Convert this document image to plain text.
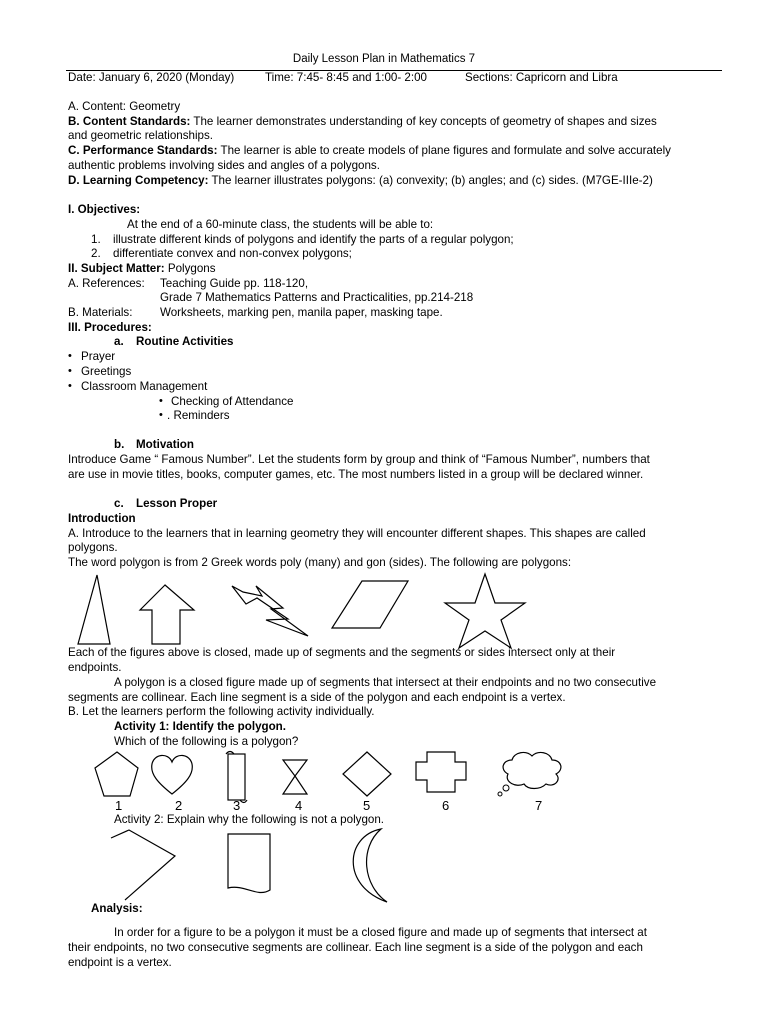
Daily Lesson Plan in Mathematics 7
Date: January 6, 2020 (Monday)	Time: 7:45- 8:45 and 1:00- 2:00	Sections: Capricorn and Libra
A. Content: Geometry
B. Content Standards: The learner demonstrates understanding of key concepts of geometry of shapes and sizes
and geometric relationships.
C. Performance Standards: The learner is able to create models of plane figures and formulate and solve accurately
authentic problems involving sides and angles of a polygons.
D. Learning Competency: The learner illustrates polygons: (a) convexity; (b) angles; and (c) sides. (M7GE-IIIe-2)
I. Objectives:
At the end of a 60-minute class, the students will be able to:
1. illustrate different kinds of polygons and identify the parts of a regular polygon;
2. differentiate convex and non-convex polygons;
II. Subject Matter: Polygons
A. References: Teaching Guide pp. 118-120,
Grade 7 Mathematics Patterns and Practicalities, pp.214-218
B. Materials: Worksheets, marking pen, manila paper, masking tape.
III. Procedures:
a. Routine Activities
• Prayer
• Greetings
• Classroom Management
• Checking of Attendance
• . Reminders
b. Motivation
Introduce Game “ Famous Number”. Let the students form by group and think of “Famous Number”, numbers that
are use in movie titles, books, computer games, etc. The most numbers listed in a group will be declared winner.
c. Lesson Proper
Introduction
A. Introduce to the learners that in learning geometry they will encounter different shapes. This shapes are called
polygons.
The word polygon is from 2 Greek words poly (many) and gon (sides). The following are polygons:
Each of the figures above is closed, made up of segments and the segments or sides intersect only at their
endpoints.
A polygon is a closed figure made up of segments that intersect at their endpoints and no two consecutive
segments are collinear. Each line segment is a side of the polygon and each endpoint is a vertex.
B. Let the learners perform the following activity individually.
Activity 1: Identify the polygon.
Which of the following is a polygon?
1	2	3	4	5	6	7
Activity 2: Explain why the following is not a polygon.
Analysis:
In order for a figure to be a polygon it must be a closed figure and made up of segments that intersect at
their endpoints, no two consecutive segments are collinear. Each line segment is a side of the polygon and each
endpoint is a vertex.
